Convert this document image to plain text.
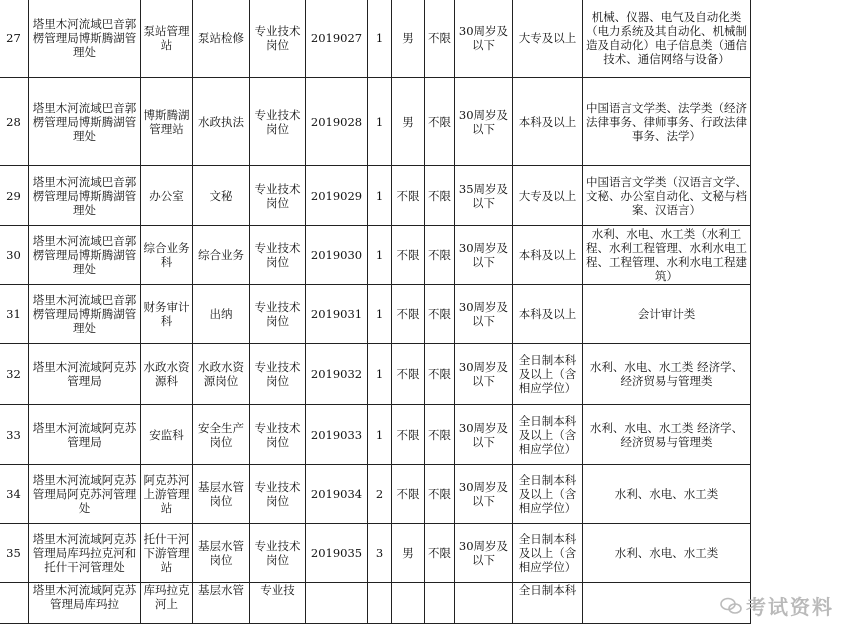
27	塔里木河流域巴音郭楞管理局博斯腾湖管理处	泵站管理站	泵站检修	专业技术岗位	2019027	1	男	不限	30周岁及以下	大专及以上	机械、仪器、电气及自动化类（电力系统及其自动化、机械制造及自动化）电子信息类（通信技术、通信网络与设备）
28	塔里木河流域巴音郭楞管理局博斯腾湖管理处	博斯腾湖管理站	水政执法	专业技术岗位	2019028	1	男	不限	30周岁及以下	本科及以上	中国语言文学类、法学类（经济法律事务、律师事务、行政法律事务、法学）
29	塔里木河流域巴音郭楞管理局博斯腾湖管理处	办公室	文秘	专业技术岗位	2019029	1	不限	不限	35周岁及以下	大专及以上	中国语言文学类（汉语言文学、文秘、办公室自动化、文秘与档案、汉语言）
30	塔里木河流域巴音郭楞管理局博斯腾湖管理处	综合业务科	综合业务	专业技术岗位	2019030	1	不限	不限	30周岁及以下	本科及以上	水利、水电、水工类（水利工程、水利工程管理、水利水电工程、工程管理、水利水电工程建筑）
31	塔里木河流域巴音郭楞管理局博斯腾湖管理处	财务审计科	出纳	专业技术岗位	2019031	1	不限	不限	30周岁及以下	本科及以上	会计审计类
32	塔里木河流域阿克苏管理局	水政水资源科	水政水资源岗位	专业技术岗位	2019032	1	不限	不限	30周岁及以下	全日制本科及以上（含相应学位）	水利、水电、水工类 经济学、经济贸易与管理类
33	塔里木河流域阿克苏管理局	安监科	安全生产岗位	专业技术岗位	2019033	1	不限	不限	30周岁及以下	全日制本科及以上（含相应学位）	水利、水电、水工类 经济学、经济贸易与管理类
34	塔里木河流域阿克苏管理局阿克苏河管理处	阿克苏河上游管理站	基层水管岗位	专业技术岗位	2019034	2	不限	不限	30周岁及以下	全日制本科及以上（含相应学位）	水利、水电、水工类
35	塔里木河流域阿克苏管理局库玛拉克河和托什干河管理处	托什干河下游管理站	基层水管岗位	专业技术岗位	2019035	3	男	不限	30周岁及以下	全日制本科及以上（含相应学位）	水利、水电、水工类
	塔里木河流域阿克苏管理局库玛拉	库玛拉克河上	基层水管	专业技						全日制本科	
考试资料
